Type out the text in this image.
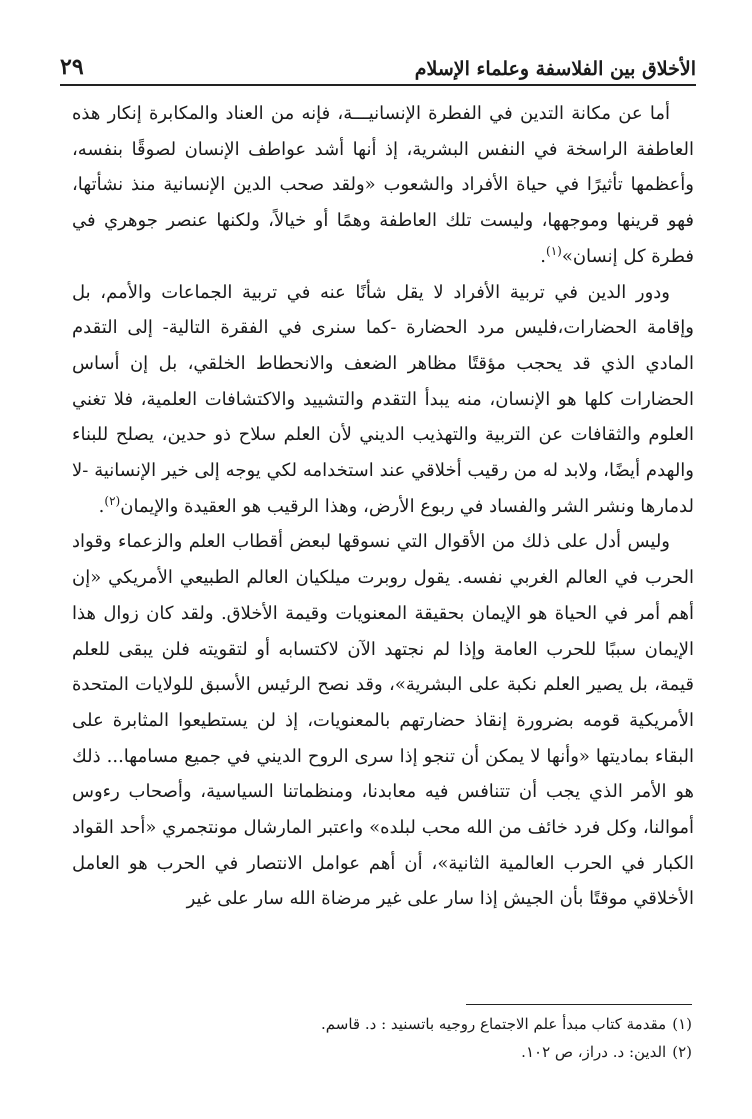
الأخلاق بين الفلاسفة وعلماء الإسلام
٢٩

أما عن مكانة التدين في الفطرة الإنسانيـــة، فإنه من العناد والمكابرة إنكار هذه العاطفة الراسخة في النفس البشرية، إذ أنها أشد عواطف الإنسان لصوقًا بنفسه، وأعظمها تأثيرًا في حياة الأفراد والشعوب «ولقد صحب الدين الإنسانية منذ نشأتها، فهو قرينها وموجهها، وليست تلك العاطفة وهمًا أو خيالاً، ولكنها عنصر جوهري في فطرة كل إنسان»$^{(١)}$.

ودور الدين في تربية الأفراد لا يقل شأنًا عنه في تربية الجماعات والأمم، بل وإقامة الحضارات،فليس مرد الحضارة -كما سنرى في الفقرة التالية- إلى التقدم المادي الذي قد يحجب مؤقتًا مظاهر الضعف والانحطاط الخلقي، بل إن أساس الحضارات كلها هو الإنسان، منه يبدأ التقدم والتشييد والاكتشافات العلمية، فلا تغني العلوم والثقافات عن التربية والتهذيب الديني لأن العلم سلاح ذو حدين، يصلح للبناء والهدم أيضًا، ولابد له من رقيب أخلاقي عند استخدامه لكي يوجه إلى خير الإنسانية -لا لدمارها ونشر الشر والفساد في ربوع الأرض، وهذا الرقيب هو العقيدة والإيمان$^{(٢)}$.

وليس أدل على ذلك من الأقوال التي نسوقها لبعض أقطاب العلم والزعماء وقواد الحرب في العالم الغربي نفسه. يقول روبرت ميلكيان العالم الطبيعي الأمريكي «إن أهم أمر في الحياة هو الإيمان بحقيقة المعنويات وقيمة الأخلاق. ولقد كان زوال هذا الإيمان سببًا للحرب العامة وإذا لم نجتهد الآن لاكتسابه أو لتقويته فلن يبقى للعلم قيمة، بل يصير العلم نكبة على البشرية»، وقد نصح الرئيس الأسبق للولايات المتحدة الأمريكية قومه بضرورة إنقاذ حضارتهم بالمعنويات، إذ لن يستطيعوا المثابرة على البقاء بماديتها «وأنها لا يمكن أن تنجو إذا سرى الروح الديني في جميع مسامها... ذلك هو الأمر الذي يجب أن تتنافس فيه معابدنا، ومنظماتنا السياسية، وأصحاب رءوس أموالنا، وكل فرد خائف من الله محب لبلده» واعتبر المارشال مونتجمري «أحد القواد الكبار في الحرب العالمية الثانية»، أن أهم عوامل الانتصار في الحرب هو العامل الأخلاقي موقتًا بأن الجيش إذا سار على غير مرضاة الله سار على غير

(١)مقدمة كتاب مبدأ علم الاجتماع روجيه باتسنيد : د. قاسم.

(٢)الدين: د. دراز، ص ١٠٢.
